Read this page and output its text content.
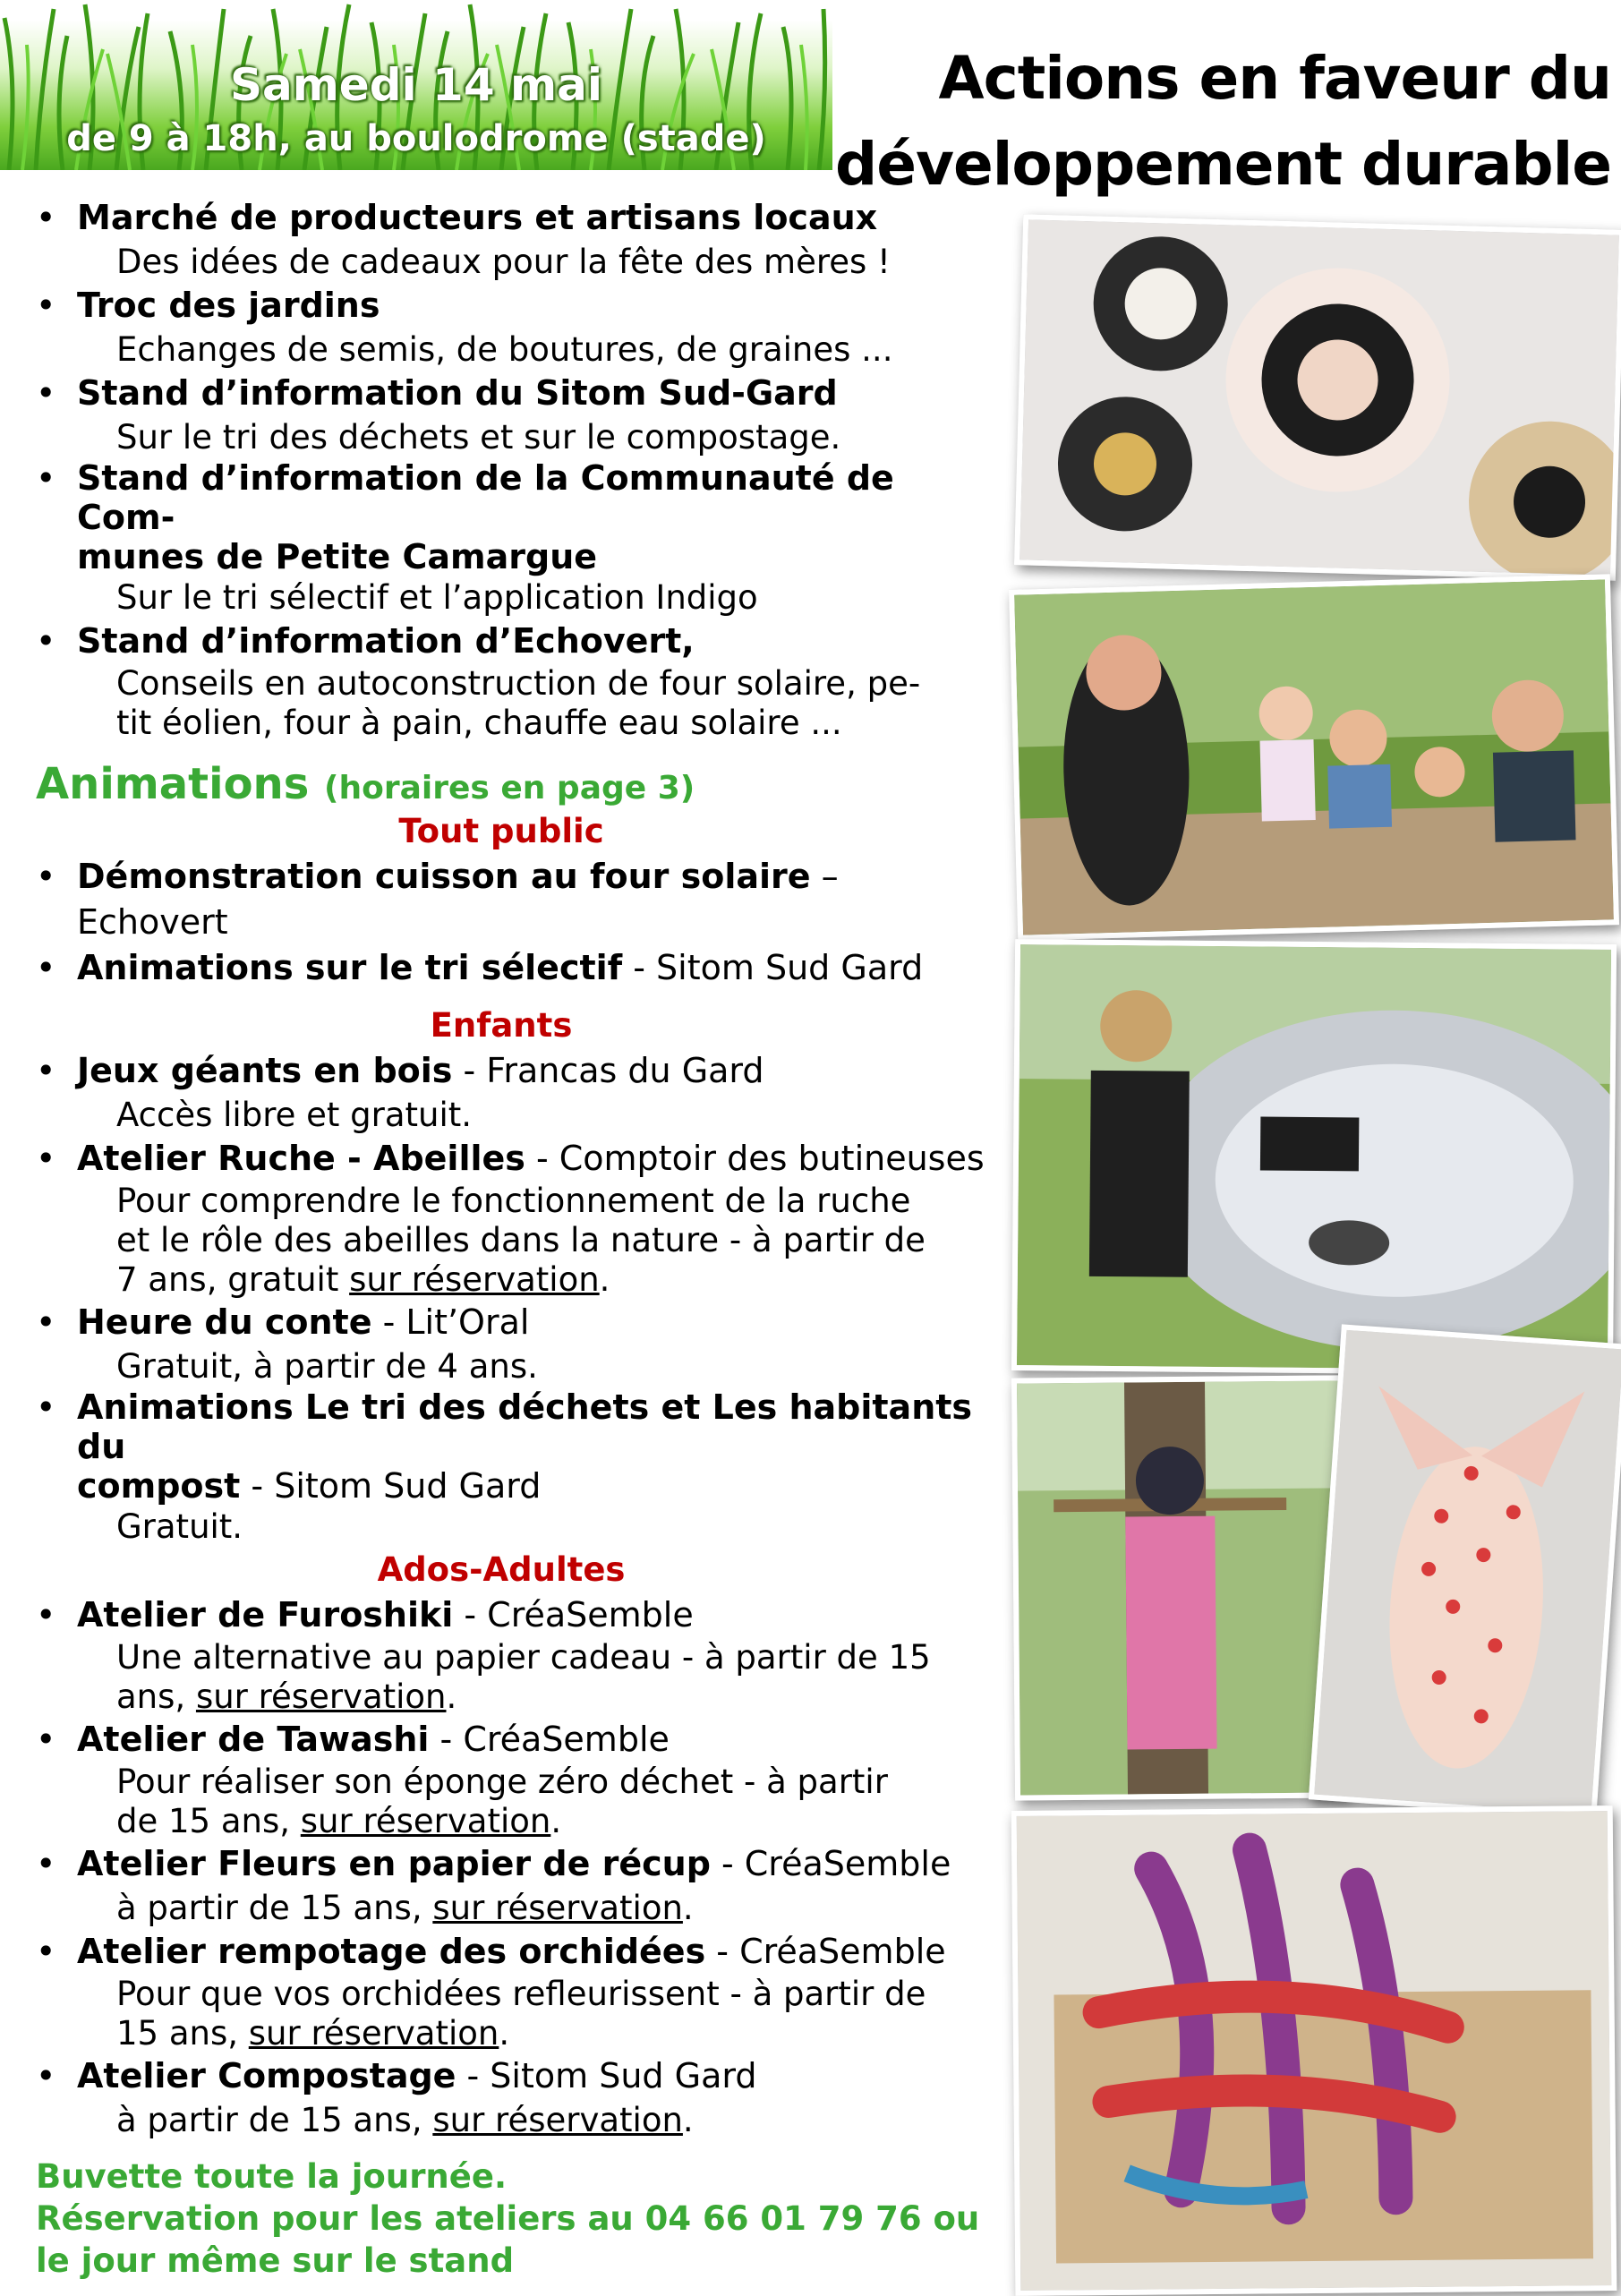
Samedi 14 mai
de 9 à 18h, au boulodrome (stade)
Actions en faveur du
développement durable
• Marché de producteurs et artisans locaux
Des idées de cadeaux pour la fête des mères !
• Troc des jardins
Echanges de semis, de boutures, de graines ...
• Stand d’information du Sitom Sud-Gard
Sur le tri des déchets et sur le compostage.
• Stand d’information de la Communauté de Com-
munes de Petite Camargue
Sur le tri sélectif et l’application Indigo
• Stand d’information d’Echovert,
Conseils en autoconstruction de four solaire, pe-
tit éolien, four à pain, chauffe eau solaire ...
Animations (horaires en page 3)
Tout public
• Démonstration cuisson au four solaire – Echovert
• Animations sur le tri sélectif - Sitom Sud Gard
Enfants
• Jeux géants en bois - Francas du Gard
Accès libre et gratuit.
• Atelier Ruche - Abeilles - Comptoir des butineuses
Pour comprendre le fonctionnement de la ruche
et le rôle des abeilles dans la nature - à partir de
7 ans, gratuit sur réservation.
• Heure du conte - Lit’Oral
Gratuit, à partir de 4 ans.
• Animations Le tri des déchets et Les habitants du
compost - Sitom Sud Gard
Gratuit.
Ados-Adultes
• Atelier de Furoshiki - CréaSemble
Une alternative au papier cadeau - à partir de 15
ans, sur réservation.
• Atelier de Tawashi - CréaSemble
Pour réaliser son éponge zéro déchet - à partir
de 15 ans, sur réservation.
• Atelier Fleurs en papier de récup - CréaSemble
à partir de 15 ans, sur réservation.
• Atelier rempotage des orchidées - CréaSemble
Pour que vos orchidées refleurissent - à partir de
15 ans, sur réservation.
• Atelier Compostage - Sitom Sud Gard
à partir de 15 ans, sur réservation.
Buvette toute la journée.
Réservation pour les ateliers au 04 66 01 79 76 ou
le jour même sur le stand
